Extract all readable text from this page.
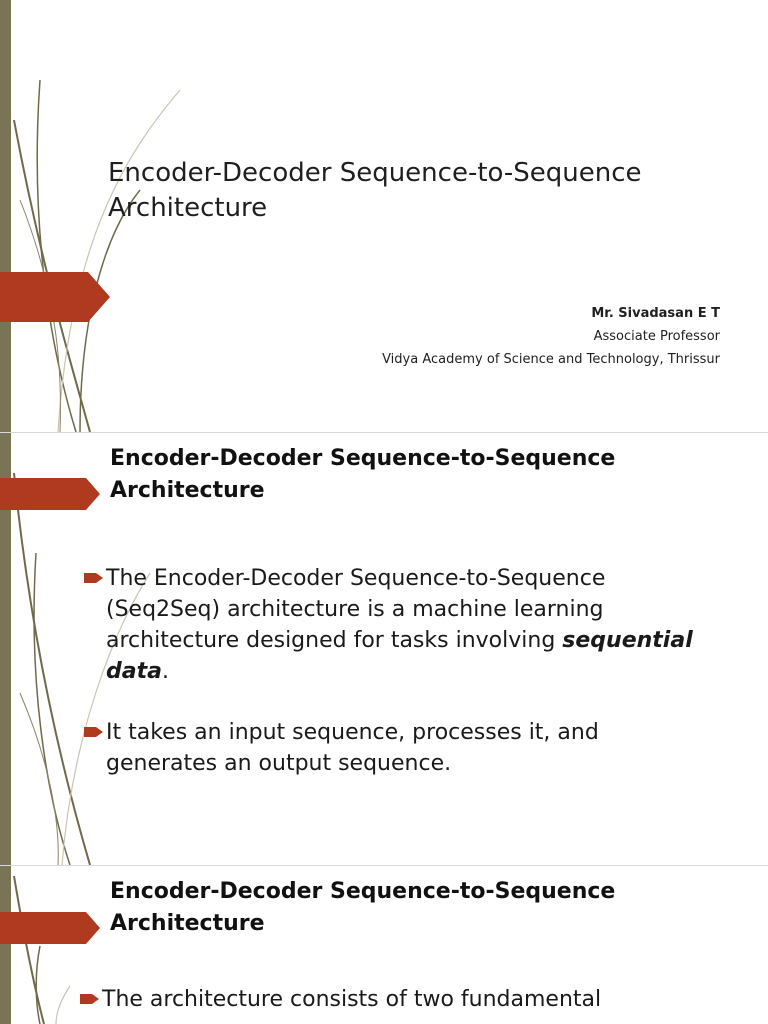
Encoder-Decoder Sequence-to-Sequence Architecture
Mr. Sivadasan E T
Associate Professor
Vidya Academy of Science and Technology, Thrissur
Encoder-Decoder Sequence-to-Sequence Architecture
The Encoder-Decoder Sequence-to-Sequence (Seq2Seq) architecture is a machine learning architecture designed for tasks involving sequential data.
It takes an input sequence, processes it, and generates an output sequence.
Encoder-Decoder Sequence-to-Sequence Architecture
The architecture consists of two fundamental
